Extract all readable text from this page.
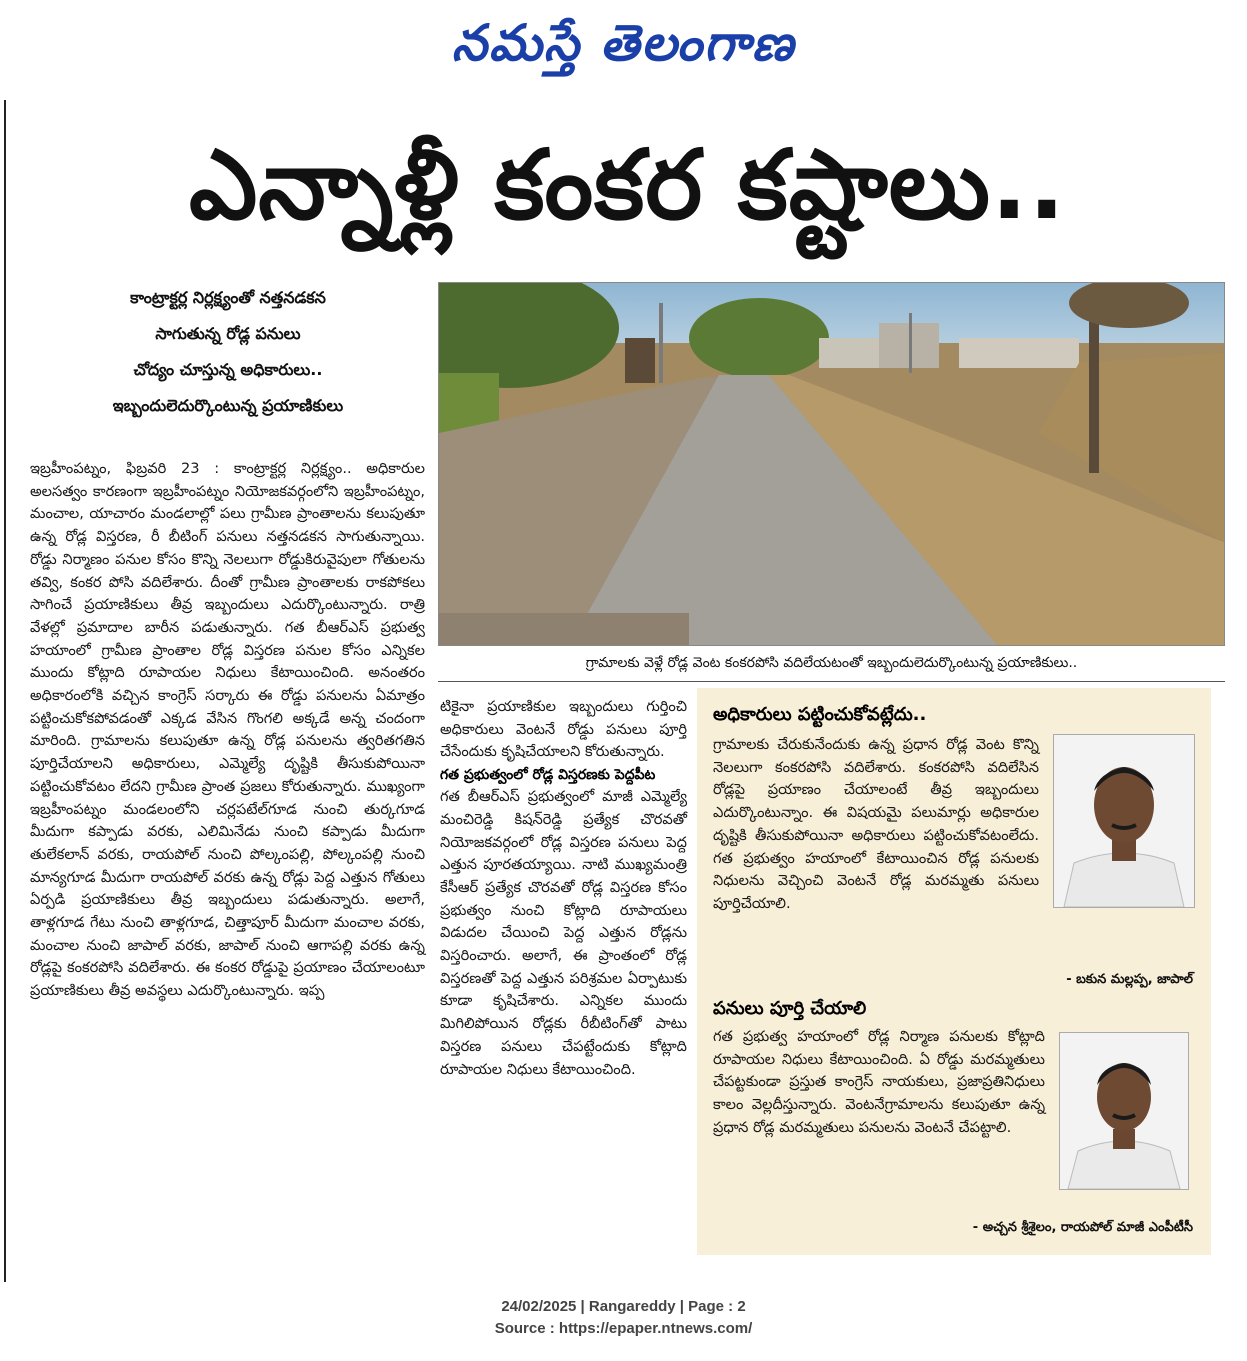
నమస్తే తెలంగాణ
ఎన్నాళ్లీ కంకర కష్టాలు..
కాంట్రాక్టర్ల నిర్లక్ష్యంతో నత్తనడకన
సాగుతున్న రోడ్ల పనులు
చోద్యం చూస్తున్న అధికారులు..
ఇబ్బందులెదుర్కొంటున్న ప్రయాణికులు

ఇబ్రహీంపట్నం, ఫిబ్రవరి 23 : కాంట్రాక్టర్ల నిర్లక్ష్యం.. అధికారుల అలసత్వం కారణంగా ఇబ్రహీంపట్నం నియోజకవర్గంలోని ఇబ్రహీంపట్నం, మంచాల, యాచారం మండలాల్లో పలు గ్రామీణ ప్రాంతాలను కలుపుతూ ఉన్న రోడ్ల విస్తరణ, రీ బీటింగ్ పనులు నత్తనడకన సాగుతున్నాయి. రోడ్డు నిర్మాణం పనుల కోసం కొన్ని నెలలుగా రోడ్డుకిరువైపులా గోతులను తవ్వి, కంకర పోసి వదిలేశారు. దీంతో గ్రామీణ ప్రాంతాలకు రాకపోకలు సాగించే ప్రయాణికులు తీవ్ర ఇబ్బందులు ఎదుర్కొంటున్నారు. రాత్రి వేళల్లో ప్రమాదాల బారీన పడుతున్నారు. గత బీఆర్ఎస్ ప్రభుత్వ హయాంలో గ్రామీణ ప్రాంతాల రోడ్ల విస్తరణ పనుల కోసం ఎన్నికల ముందు కోట్లాది రూపాయల నిధులు కేటాయించింది. అనంతరం అధికారంలోకి వచ్చిన కాంగ్రెస్ సర్కారు ఈ రోడ్డు పనులను ఏమాత్రం పట్టించుకోకపోవడంతో ఎక్కడ వేసిన గొంగలి అక్కడే అన్న చందంగా మారింది. గ్రామాలను కలుపుతూ ఉన్న రోడ్ల పనులను త్వరితగతిన పూర్తిచేయాలని అధికారులు, ఎమ్మెల్యే దృష్టికి తీసుకుపోయినా పట్టించుకోవటం లేదని గ్రామీణ ప్రాంత ప్రజలు కోరుతున్నారు. ముఖ్యంగా ఇబ్రహీంపట్నం మండలంలోని చర్లపటేల్‌గూడ నుంచి తుర్కగూడ మీదుగా కప్పాడు వరకు, ఎలిమినేడు నుంచి కప్పాడు మీదుగా తులేకలాన్ వరకు, రాయపోల్ నుంచి పోల్కంపల్లి, పోల్కంపల్లి నుంచి మాన్యగూడ మీదుగా రాయపోల్ వరకు ఉన్న రోడ్లు పెద్ద ఎత్తున గోతులు ఏర్పడి ప్రయాణికులు తీవ్ర ఇబ్బందులు పడుతున్నారు. అలాగే, తాళ్లగూడ గేటు నుంచి తాళ్లగూడ, చిత్తాపూర్ మీదుగా మంచాల వరకు, మంచాల నుంచి జాపాల్ వరకు, జాపాల్ నుంచి ఆగాపల్లి వరకు ఉన్న రోడ్లపై కంకరపోసి వదిలేశారు. ఈ కంకర రోడ్డుపై ప్రయాణం చేయాలంటూ ప్రయాణికులు తీవ్ర అవస్థలు ఎదుర్కొంటున్నారు. ఇప్ప

గ్రామాలకు వెళ్లే రోడ్ల వెంట కంకరపోసి వదిలేయటంతో ఇబ్బందులెదుర్కొంటున్న ప్రయాణికులు..

టికైనా ప్రయాణికుల ఇబ్బందులు గుర్తించి అధికారులు వెంటనే రోడ్డు పనులు పూర్తి చేసేందుకు కృషిచేయాలని కోరుతున్నారు.

గత ప్రభుత్వంలో రోడ్ల విస్తరణకు పెద్దపీట

గత బీఆర్ఎస్ ప్రభుత్వంలో మాజీ ఎమ్మెల్యే మంచిరెడ్డి కిషన్‌రెడ్డి ప్రత్యేక చొరవతో నియోజకవర్గంలో రోడ్ల విస్తరణ పనులు పెద్ద ఎత్తున పూరతయ్యాయి. నాటి ముఖ్యమంత్రి కేసీఆర్ ప్రత్యేక చొరవతో రోడ్ల విస్తరణ కోసం ప్రభుత్వం నుంచి కోట్లాది రూపాయలు విడుదల చేయించి పెద్ద ఎత్తున రోడ్లను విస్తరించారు. అలాగే, ఈ ప్రాంతంలో రోడ్ల విస్తరణతో పెద్ద ఎత్తున పరిశ్రమల ఏర్పాటుకు కూడా కృషిచేశారు. ఎన్నికల ముందు మిగిలిపోయిన రోడ్లకు రీబీటింగ్‌తో పాటు విస్తరణ పనులు చేపట్టేందుకు కోట్లాది రూపాయల నిధులు కేటాయించింది.

అధికారులు పట్టించుకోవట్లేదు..
గ్రామాలకు చేరుకునేందుకు ఉన్న ప్రధాన రోడ్ల వెంట కొన్ని నెలలుగా కంకరపోసి వదిలేశారు. కంకరపోసి వదిలేసిన రోడ్లపై ప్రయాణం చేయాలంటే తీవ్ర ఇబ్బందులు ఎదుర్కొంటున్నాం. ఈ విషయమై పలుమార్లు అధికారుల దృష్టికి తీసుకుపోయినా అధికారులు పట్టించుకోవటంలేదు. గత ప్రభుత్వం హయాంలో కేటాయించిన రోడ్ల పనులకు నిధులను వెచ్చించి వెంటనే రోడ్ల మరమ్మతు పనులు పూర్తిచేయాలి.
- బకున మల్లప్ప, జాపాల్
పనులు పూర్తి చేయాలి
గత ప్రభుత్వ హయాంలో రోడ్ల నిర్మాణ పనులకు కోట్లాది రూపాయల నిధులు కేటాయించింది. ఏ రోడ్డు మరమ్మతులు చేపట్టకుండా ప్రస్తుత కాంగ్రెస్ నాయకులు, ప్రజాప్రతినిధులు కాలం వెల్లదీస్తున్నారు. వెంటనేగ్రామాలను కలుపుతూ ఉన్న ప్రధాన రోడ్ల మరమ్మతులు పనులను వెంటనే చేపట్టాలి.
- అచ్చన శ్రీశైలం, రాయపోల్ మాజీ ఎంపీటీసీ
24/02/2025 | Rangareddy | Page : 2
Source : https://epaper.ntnews.com/
